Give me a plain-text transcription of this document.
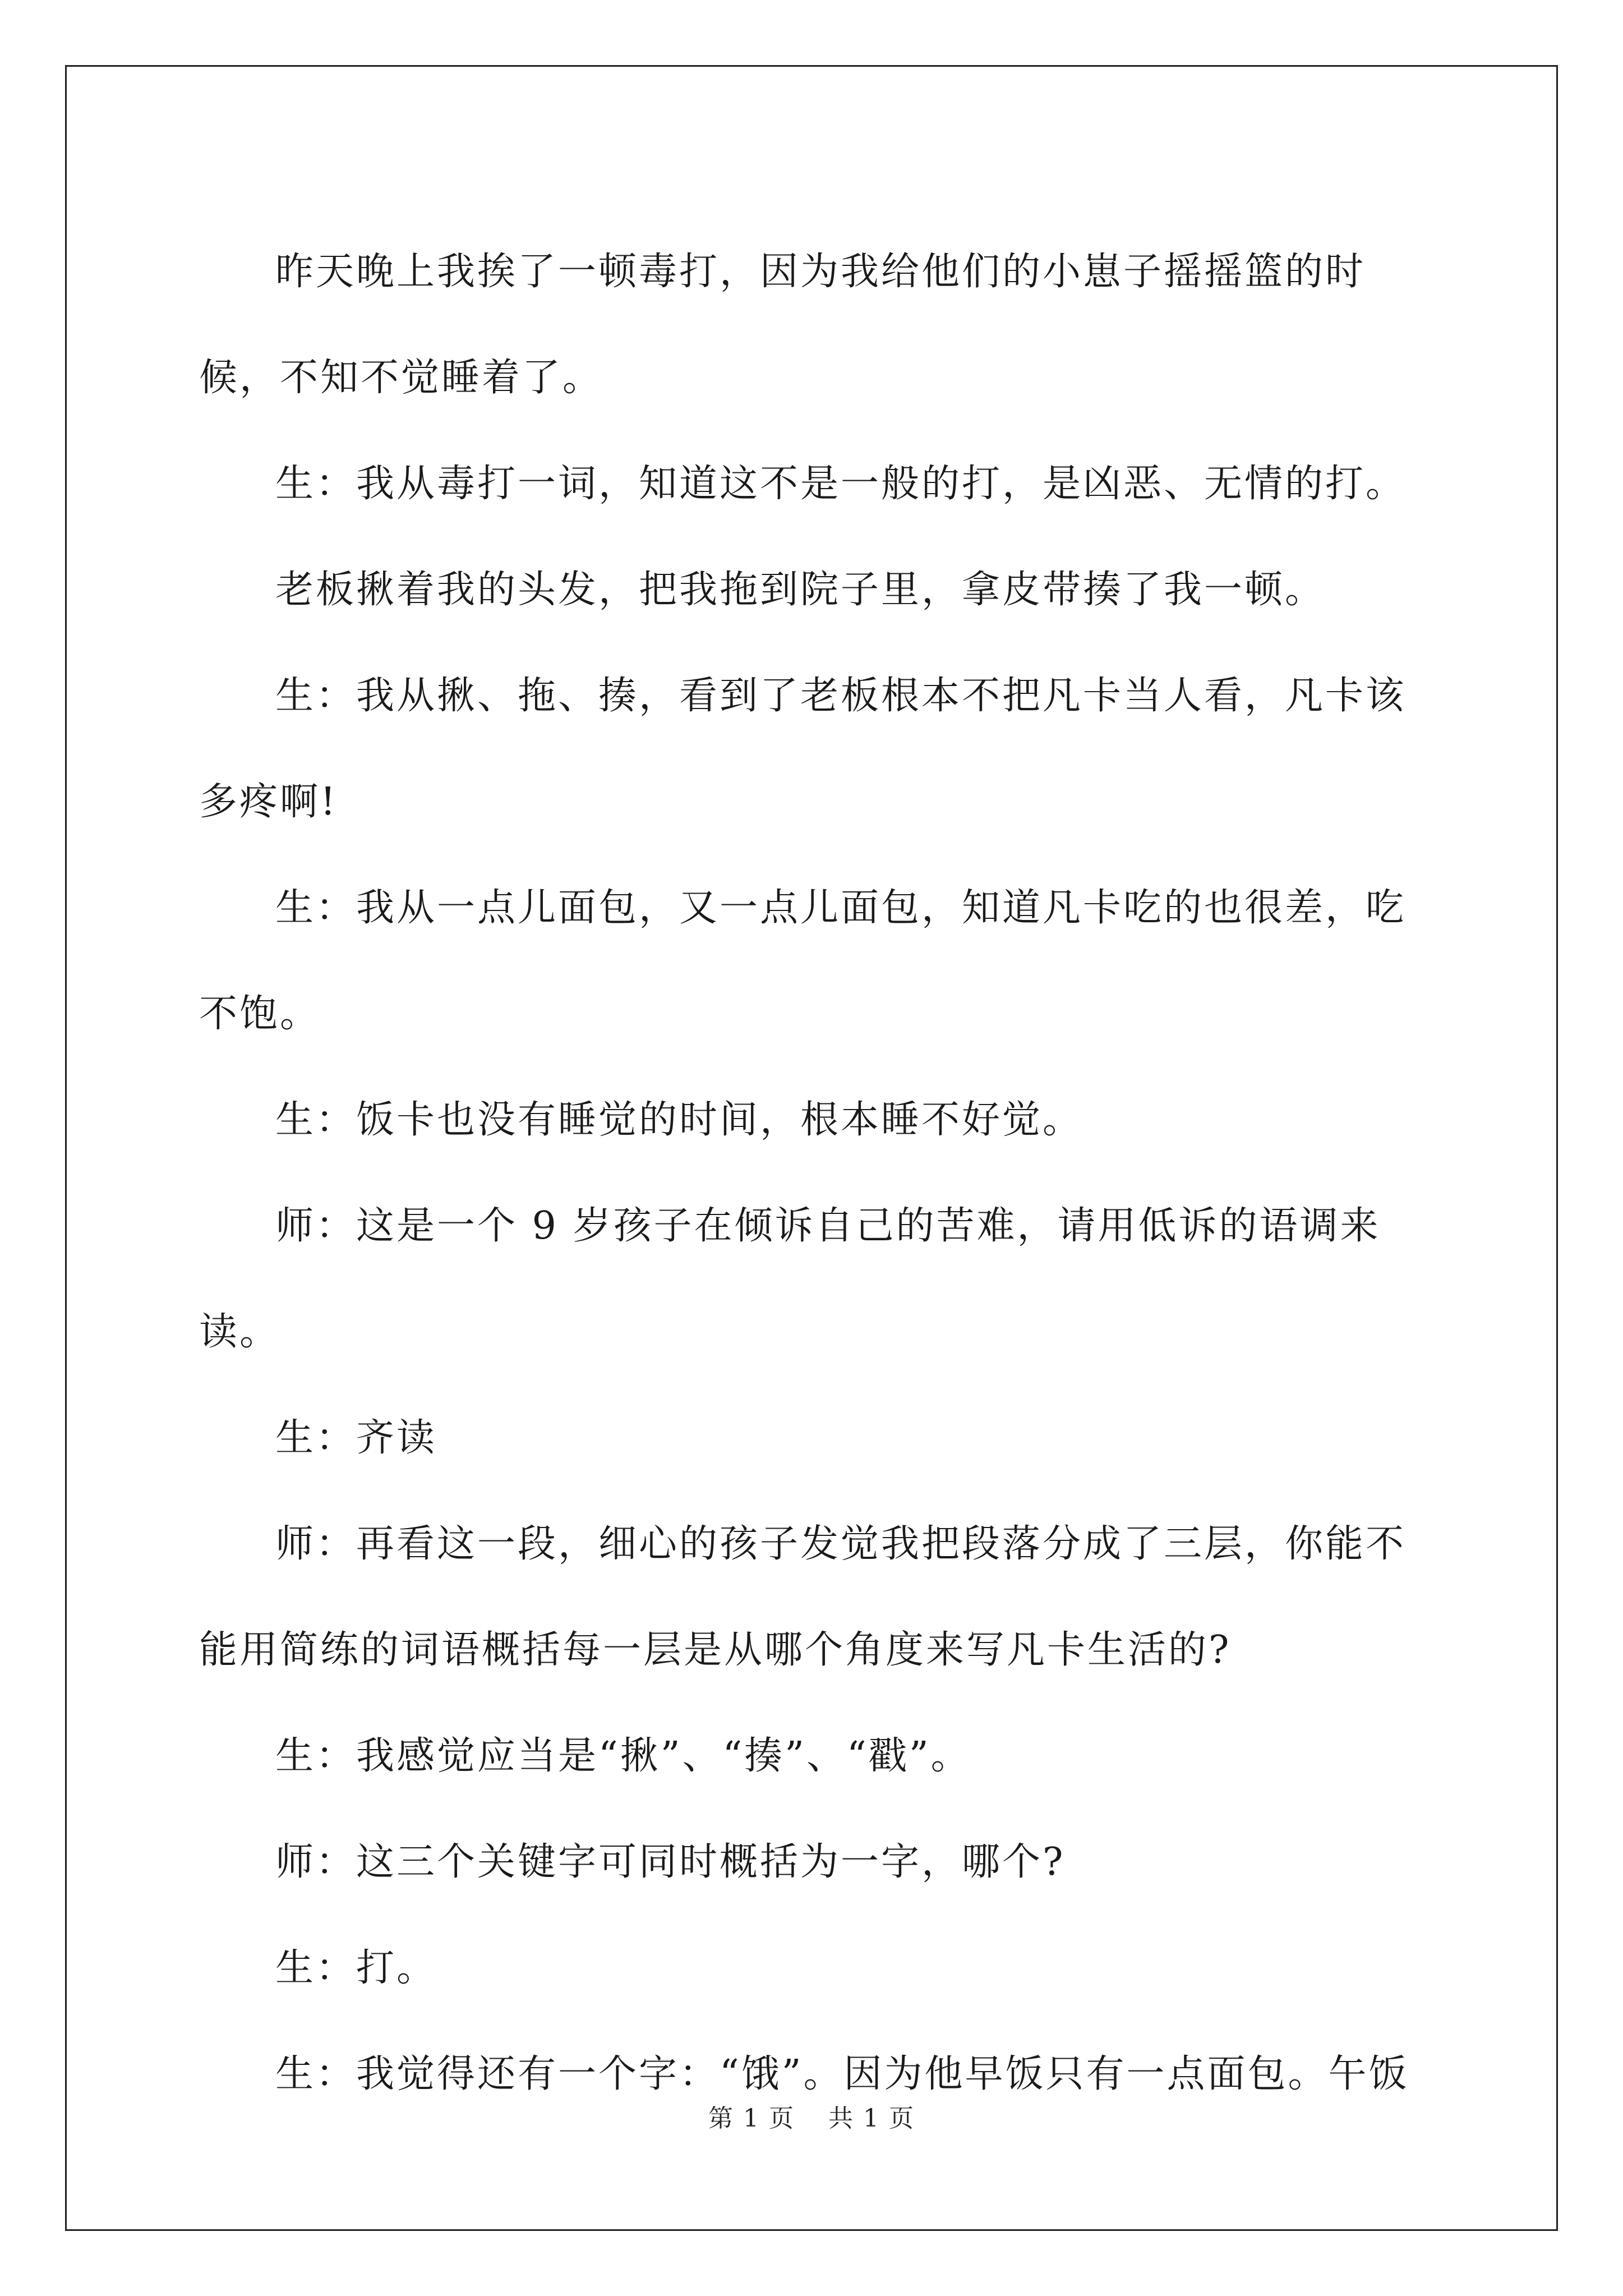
昨天晚上我挨了一顿毒打，因为我给他们的小崽子摇摇篮的时候，不知不觉睡着了。

生：我从毒打一词，知道这不是一般的打，是凶恶、无情的打。

老板揪着我的头发，把我拖到院子里，拿皮带揍了我一顿。

生：我从揪、拖、揍，看到了老板根本不把凡卡当人看，凡卡该多疼啊!

生：我从一点儿面包，又一点儿面包，知道凡卡吃的也很差，吃不饱。

生：饭卡也没有睡觉的时间，根本睡不好觉。

师：这是一个 9 岁孩子在倾诉自己的苦难，请用低诉的语调来读。

生：齐读

师：再看这一段，细心的孩子发觉我把段落分成了三层，你能不能用简练的词语概括每一层是从哪个角度来写凡卡生活的?

生：我感觉应当是“揪”、“揍”、“戳”。

师：这三个关键字可同时概括为一字，哪个?

生：打。

生：我觉得还有一个字：“饿”。因为他早饭只有一点面包。午饭

第 1 页 共 1 页
